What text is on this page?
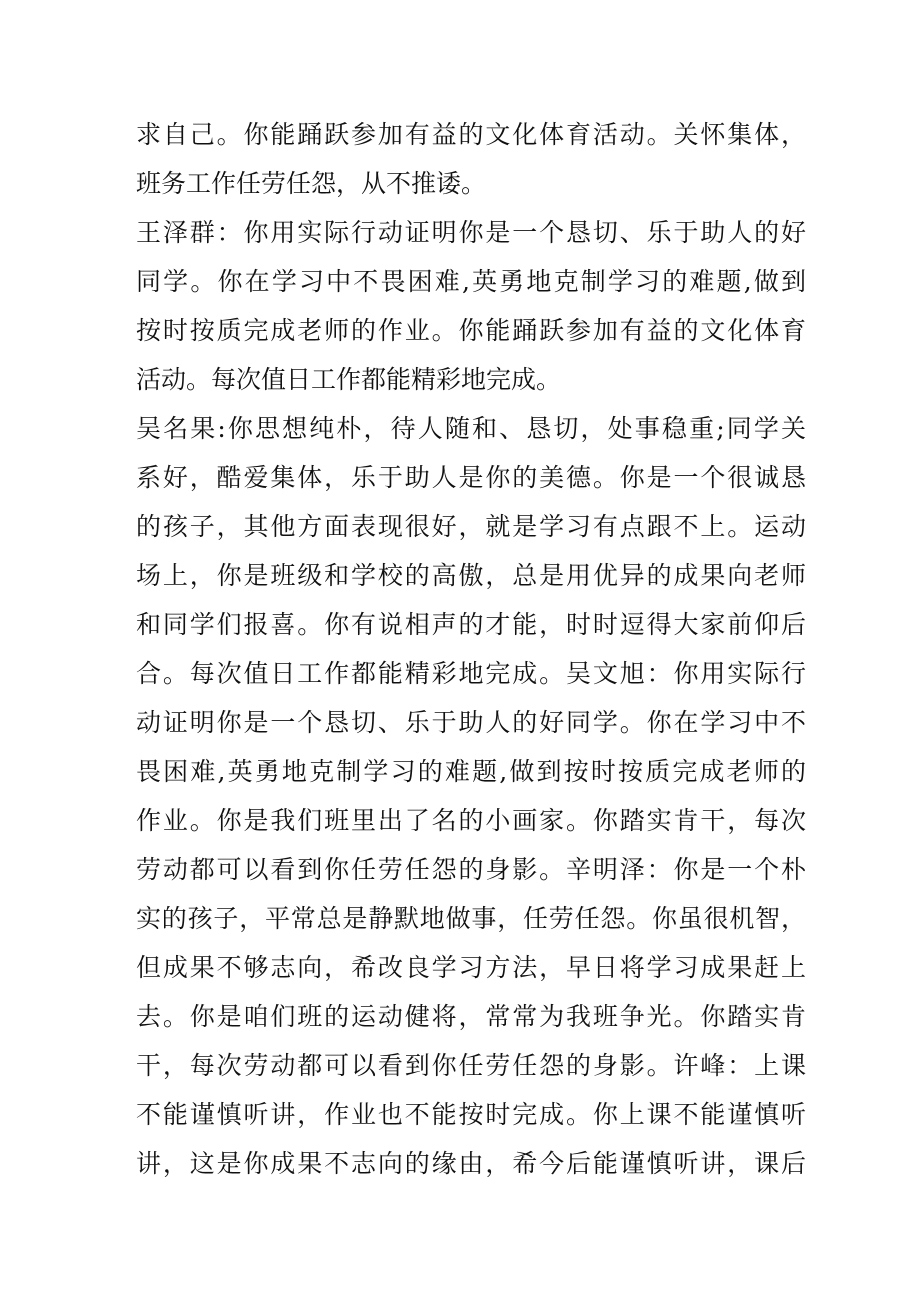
求自己。你能踊跃参加有益的文化体育活动。关怀集体，
班务工作任劳任怨，从不推诿。
王泽群：你用实际行动证明你是一个恳切、乐于助人的好
同学。你在学习中不畏困难,英勇地克制学习的难题,做到
按时按质完成老师的作业。你能踊跃参加有益的文化体育
活动。每次值日工作都能精彩地完成。
吴名果:你思想纯朴，待人随和、恳切，处事稳重;同学关
系好，酷爱集体，乐于助人是你的美德。你是一个很诚恳
的孩子，其他方面表现很好，就是学习有点跟不上。运动
场上，你是班级和学校的高傲，总是用优异的成果向老师
和同学们报喜。你有说相声的才能，时时逗得大家前仰后
合。每次值日工作都能精彩地完成。吴文旭：你用实际行
动证明你是一个恳切、乐于助人的好同学。你在学习中不
畏困难,英勇地克制学习的难题,做到按时按质完成老师的
作业。你是我们班里出了名的小画家。你踏实肯干，每次
劳动都可以看到你任劳任怨的身影。辛明泽：你是一个朴
实的孩子，平常总是静默地做事，任劳任怨。你虽很机智，
但成果不够志向，希改良学习方法，早日将学习成果赶上
去。你是咱们班的运动健将，常常为我班争光。你踏实肯
干，每次劳动都可以看到你任劳任怨的身影。许峰：上课
不能谨慎听讲，作业也不能按时完成。你上课不能谨慎听
讲，这是你成果不志向的缘由，希今后能谨慎听讲，课后
